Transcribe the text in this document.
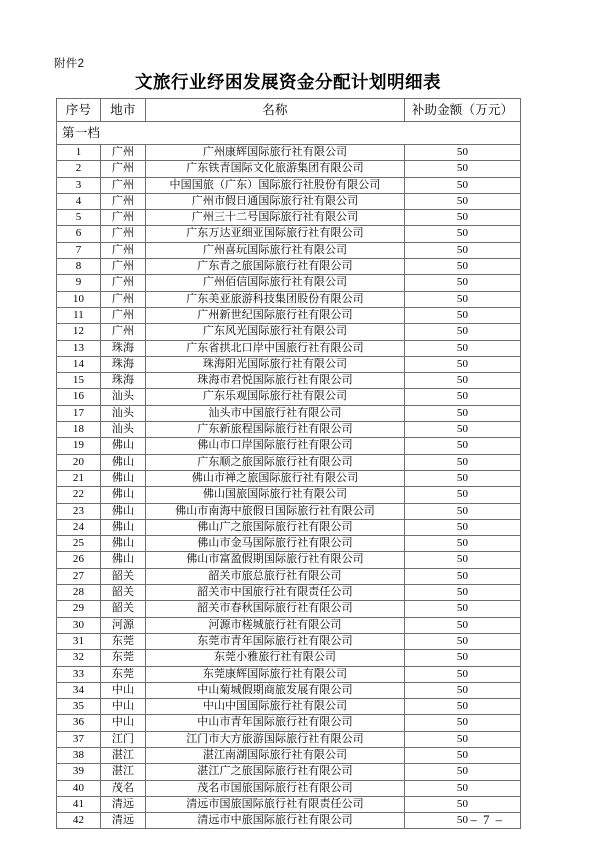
附件2
文旅行业纾困发展资金分配计划明细表
序号	地市	名称	补助金额（万元）
第一档			
1	广州	广州康辉国际旅行社有限公司	50
2	广州	广东铁青国际文化旅游集团有限公司	50
3	广州	中国国旅（广东）国际旅行社股份有限公司	50
4	广州	广州市假日通国际旅行社有限公司	50
5	广州	广州三十二号国际旅行社有限公司	50
6	广州	广东万达亚细亚国际旅行社有限公司	50
7	广州	广州喜玩国际旅行社有限公司	50
8	广州	广东青之旅国际旅行社有限公司	50
9	广州	广州佰信国际旅行社有限公司	50
10	广州	广东美亚旅游科技集团股份有限公司	50
11	广州	广州新世纪国际旅行社有限公司	50
12	广州	广东风光国际旅行社有限公司	50
13	珠海	广东省拱北口岸中国旅行社有限公司	50
14	珠海	珠海阳光国际旅行社有限公司	50
15	珠海	珠海市君悦国际旅行社有限公司	50
16	汕头	广东乐观国际旅行社有限公司	50
17	汕头	汕头市中国旅行社有限公司	50
18	汕头	广东新旅程国际旅行社有限公司	50
19	佛山	佛山市口岸国际旅行社有限公司	50
20	佛山	广东顺之旅国际旅行社有限公司	50
21	佛山	佛山市禅之旅国际旅行社有限公司	50
22	佛山	佛山国旅国际旅行社有限公司	50
23	佛山	佛山市南海中旅假日国际旅行社有限公司	50
24	佛山	佛山广之旅国际旅行社有限公司	50
25	佛山	佛山市金马国际旅行社有限公司	50
26	佛山	佛山市富盈假期国际旅行社有限公司	50
27	韶关	韶关市旅总旅行社有限公司	50
28	韶关	韶关市中国旅行社有限责任公司	50
29	韶关	韶关市春秋国际旅行社有限公司	50
30	河源	河源市槎城旅行社有限公司	50
31	东莞	东莞市青年国际旅行社有限公司	50
32	东莞	东莞小雅旅行社有限公司	50
33	东莞	东莞康辉国际旅行社有限公司	50
34	中山	中山菊城假期商旅发展有限公司	50
35	中山	中山中国国际旅行社有限公司	50
36	中山	中山市青年国际旅行社有限公司	50
37	江门	江门市大方旅游国际旅行社有限公司	50
38	湛江	湛江南湖国际旅行社有限公司	50
39	湛江	湛江广之旅国际旅行社有限公司	50
40	茂名	茂名市国旅国际旅行社有限公司	50
41	清远	清远市国旅国际旅行社有限责任公司	50
42	清远	清远市中旅国际旅行社有限公司	50 – 7 –
